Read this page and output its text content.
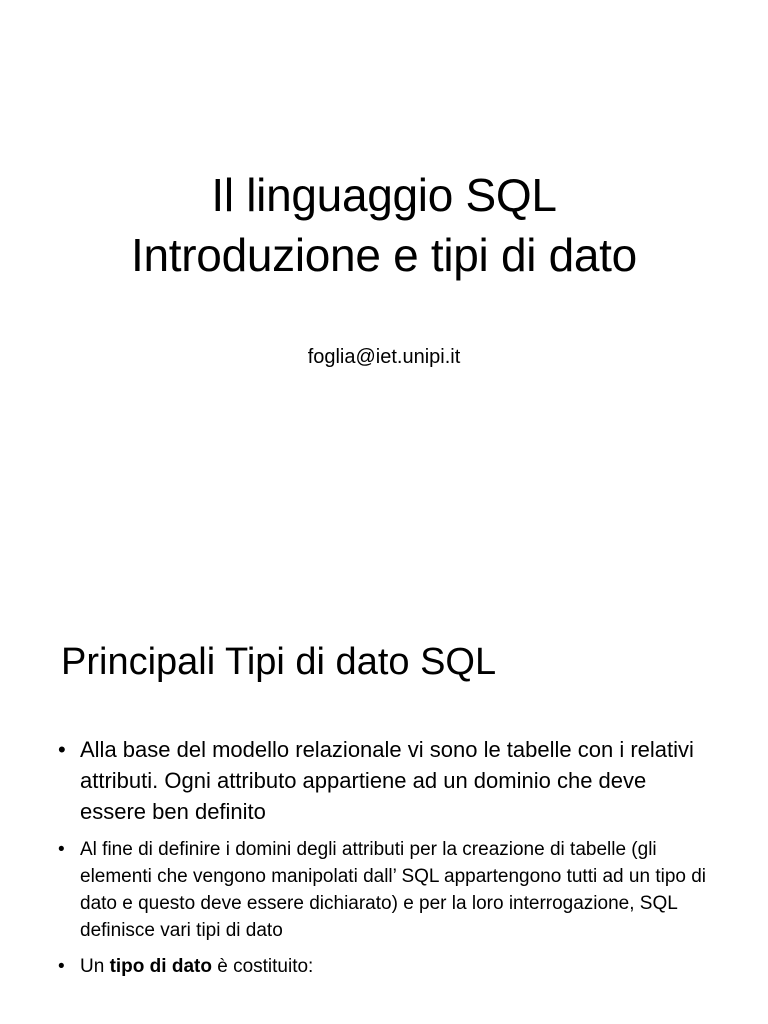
Il linguaggio SQL
Introduzione e tipi di dato
foglia@iet.unipi.it
Principali Tipi di dato SQL
• Alla base del modello relazionale vi sono le tabelle con i relativi attributi. Ogni attributo appartiene ad un dominio che deve essere ben definito
• Al fine di definire i domini degli attributi per la creazione di tabelle (gli elementi che vengono manipolati dall’ SQL appartengono tutti ad un tipo di dato e questo deve essere dichiarato) e per la loro interrogazione, SQL definisce vari tipi di dato
• Un tipo di dato è costituito:
